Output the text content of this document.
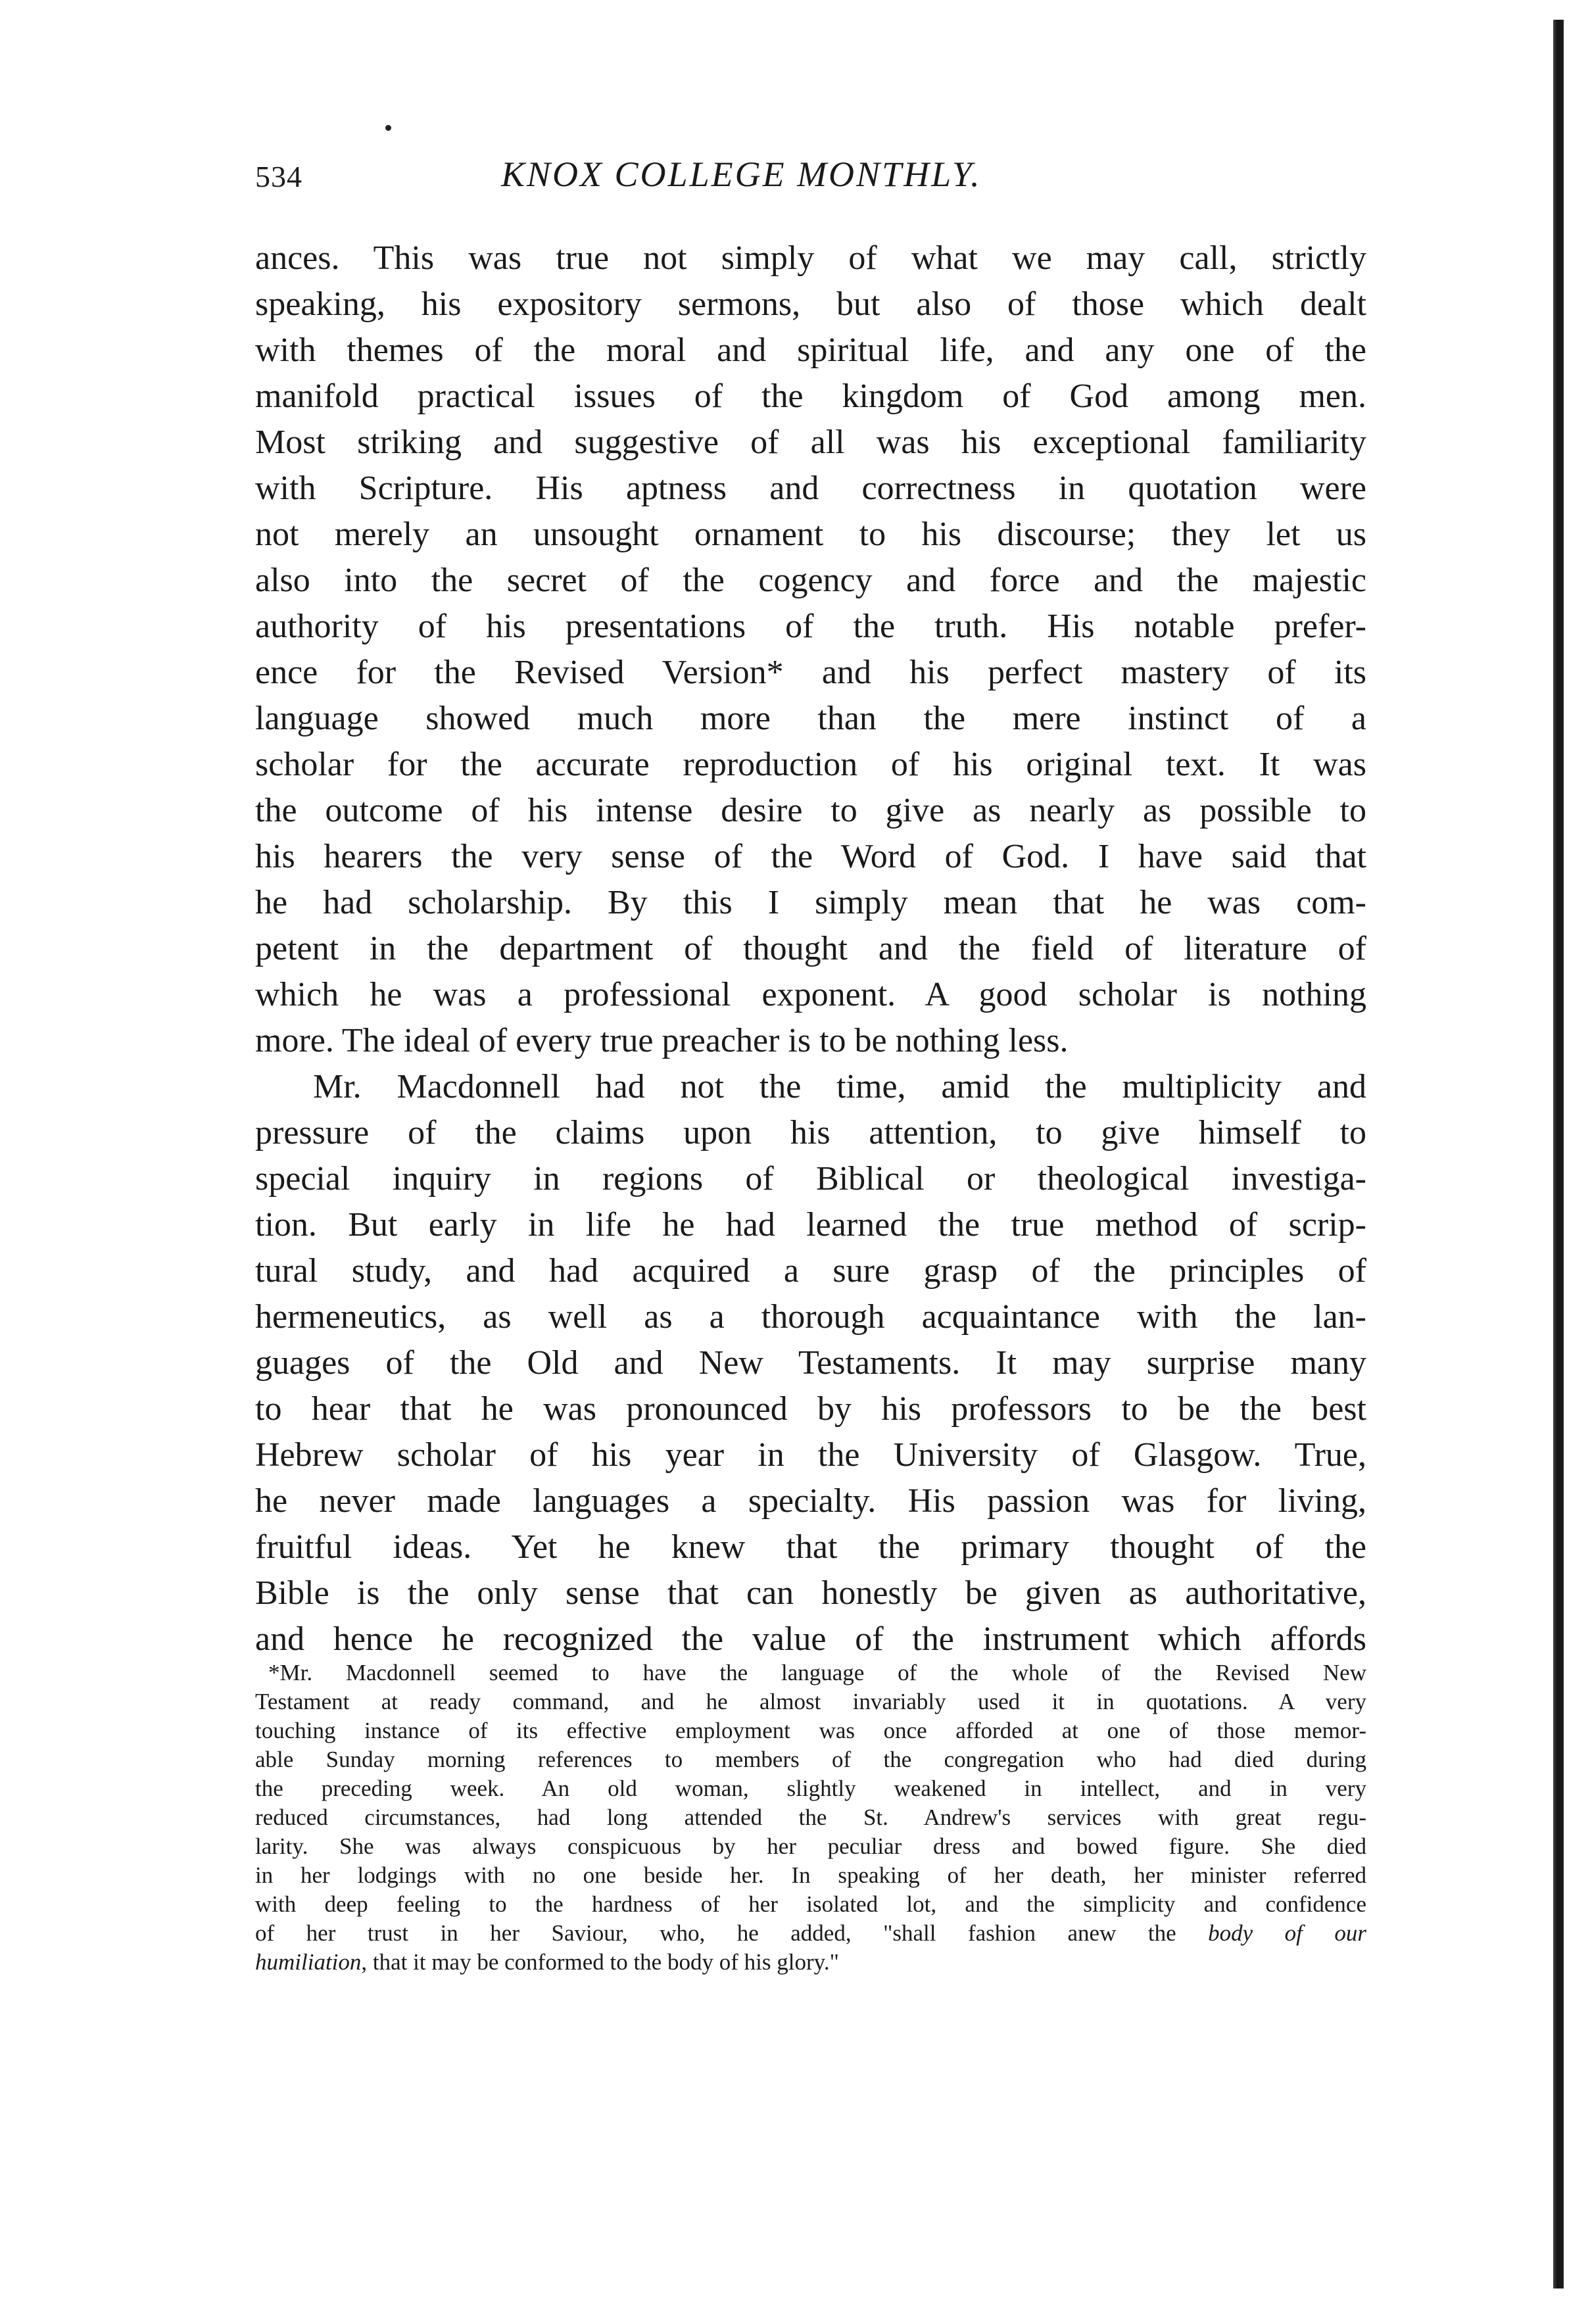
534	KNOX COLLEGE MONTHLY.
ances. This was true not simply of what we may call, strictly
speaking, his expository sermons, but also of those which dealt
with themes of the moral and spiritual life, and any one of the
manifold practical issues of the kingdom of God among men.
Most striking and suggestive of all was his exceptional familiarity
with Scripture. His aptness and correctness in quotation were
not merely an unsought ornament to his discourse; they let us
also into the secret of the cogency and force and the majestic
authority of his presentations of the truth. His notable prefer-
ence for the Revised Version* and his perfect mastery of its
language showed much more than the mere instinct of a
scholar for the accurate reproduction of his original text. It was
the outcome of his intense desire to give as nearly as possible to
his hearers the very sense of the Word of God. I have said that
he had scholarship. By this I simply mean that he was com-
petent in the department of thought and the field of literature of
which he was a professional exponent. A good scholar is nothing
more. The ideal of every true preacher is to be nothing less.
Mr. Macdonnell had not the time, amid the multiplicity and
pressure of the claims upon his attention, to give himself to
special inquiry in regions of Biblical or theological investiga-
tion. But early in life he had learned the true method of scrip-
tural study, and had acquired a sure grasp of the principles of
hermeneutics, as well as a thorough acquaintance with the lan-
guages of the Old and New Testaments. It may surprise many
to hear that he was pronounced by his professors to be the best
Hebrew scholar of his year in the University of Glasgow. True,
he never made languages a specialty. His passion was for living,
fruitful ideas. Yet he knew that the primary thought of the
Bible is the only sense that can honestly be given as authoritative,
and hence he recognized the value of the instrument which affords
*Mr. Macdonnell seemed to have the language of the whole of the Revised New
Testament at ready command, and he almost invariably used it in quotations. A very
touching instance of its effective employment was once afforded at one of those memor-
able Sunday morning references to members of the congregation who had died during
the preceding week. An old woman, slightly weakened in intellect, and in very
reduced circumstances, had long attended the St. Andrew's services with great regu-
larity. She was always conspicuous by her peculiar dress and bowed figure. She died
in her lodgings with no one beside her. In speaking of her death, her minister referred
with deep feeling to the hardness of her isolated lot, and the simplicity and confidence
of her trust in her Saviour, who, he added, "shall fashion anew the body of our
humiliation, that it may be conformed to the body of his glory."
